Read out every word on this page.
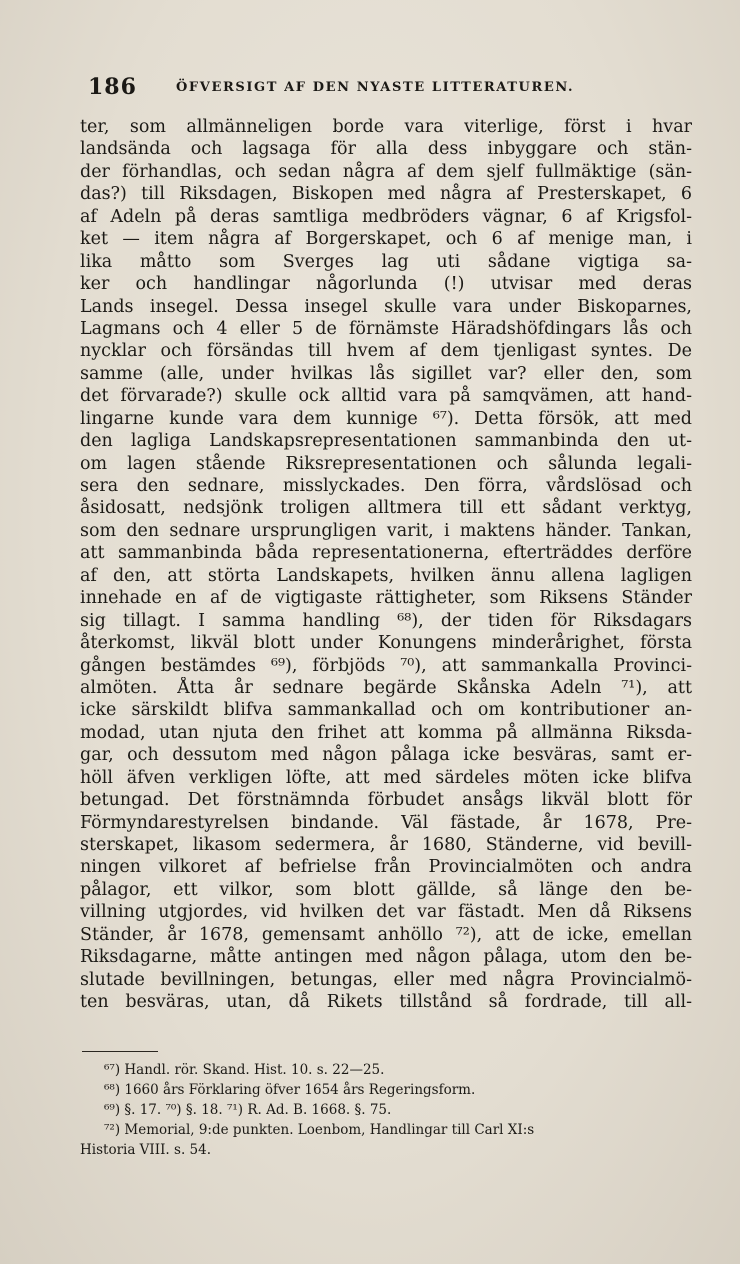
186	ÖFVERSIGT AF DEN NYASTE LITTERATUREN.
ter, som allmänneligen borde vara viterlige, först i hvar
landsända och lagsaga för alla dess inbyggare och stän-
der förhandlas, och sedan några af dem sjelf fullmäktige (sän-
das?) till Riksdagen, Biskopen med några af Presterskapet, 6
af Adeln på deras samtliga medbröders vägnar, 6 af Krigsfol-
ket — item några af Borgerskapet, och 6 af menige man, i
lika måtto som Sverges lag uti sådane vigtiga sa-
ker och handlingar någorlunda (!) utvisar med deras
Lands insegel. Dessa insegel skulle vara under Biskoparnes,
Lagmans och 4 eller 5 de förnämste Häradshöfdingars lås och
nycklar och försändas till hvem af dem tjenligast syntes. De
samme (alle, under hvilkas lås sigillet var? eller den, som
det förvarade?) skulle ock alltid vara på samqvämen, att hand-
lingarne kunde vara dem kunnige ⁶⁷). Detta försök, att med
den lagliga Landskapsrepresentationen sammanbinda den ut-
om lagen stående Riksrepresentationen och sålunda legali-
sera den sednare, misslyckades. Den förra, vårdslösad och
åsidosatt, nedsjönk troligen alltmera till ett sådant verktyg,
som den sednare ursprungligen varit, i maktens händer. Tankan,
att sammanbinda båda representationerna, efterträddes derföre
af den, att störta Landskapets, hvilken ännu allena lagligen
innehade en af de vigtigaste rättigheter, som Riksens Ständer
sig tillagt. I samma handling ⁶⁸), der tiden för Riksdagars
återkomst, likväl blott under Konungens minderårighet, första
gången bestämdes ⁶⁹), förbjöds ⁷⁰), att sammankalla Provinci-
almöten. Åtta år sednare begärde Skånska Adeln ⁷¹), att
icke särskildt blifva sammankallad och om kontributioner an-
modad, utan njuta den frihet att komma på allmänna Riksda-
gar, och dessutom med någon pålaga icke besväras, samt er-
höll äfven verkligen löfte, att med särdeles möten icke blifva
betungad. Det förstnämnda förbudet ansågs likväl blott för
Förmyndarestyrelsen bindande. Väl fästade, år 1678, Pre-
sterskapet, likasom sedermera, år 1680, Ständerne, vid bevill-
ningen vilkoret af befrielse från Provincialmöten och andra
pålagor, ett vilkor, som blott gällde, så länge den be-
villning utgjordes, vid hvilken det var fästadt. Men då Riksens
Ständer, år 1678, gemensamt anhöllo ⁷²), att de icke, emellan
Riksdagarne, måtte antingen med någon pålaga, utom den be-
slutade bevillningen, betungas, eller med några Provincialmö-
ten besväras, utan, då Rikets tillstånd så fordrade, till all-
⁶⁷) Handl. rör. Skand. Hist. 10. s. 22—25.
⁶⁸) 1660 års Förklaring öfver 1654 års Regeringsform.
⁶⁹) §. 17. ⁷⁰) §. 18. ⁷¹) R. Ad. B. 1668. §. 75.
⁷²) Memorial, 9:de punkten. Loenbom, Handlingar till Carl XI:s
Historia VIII. s. 54.
